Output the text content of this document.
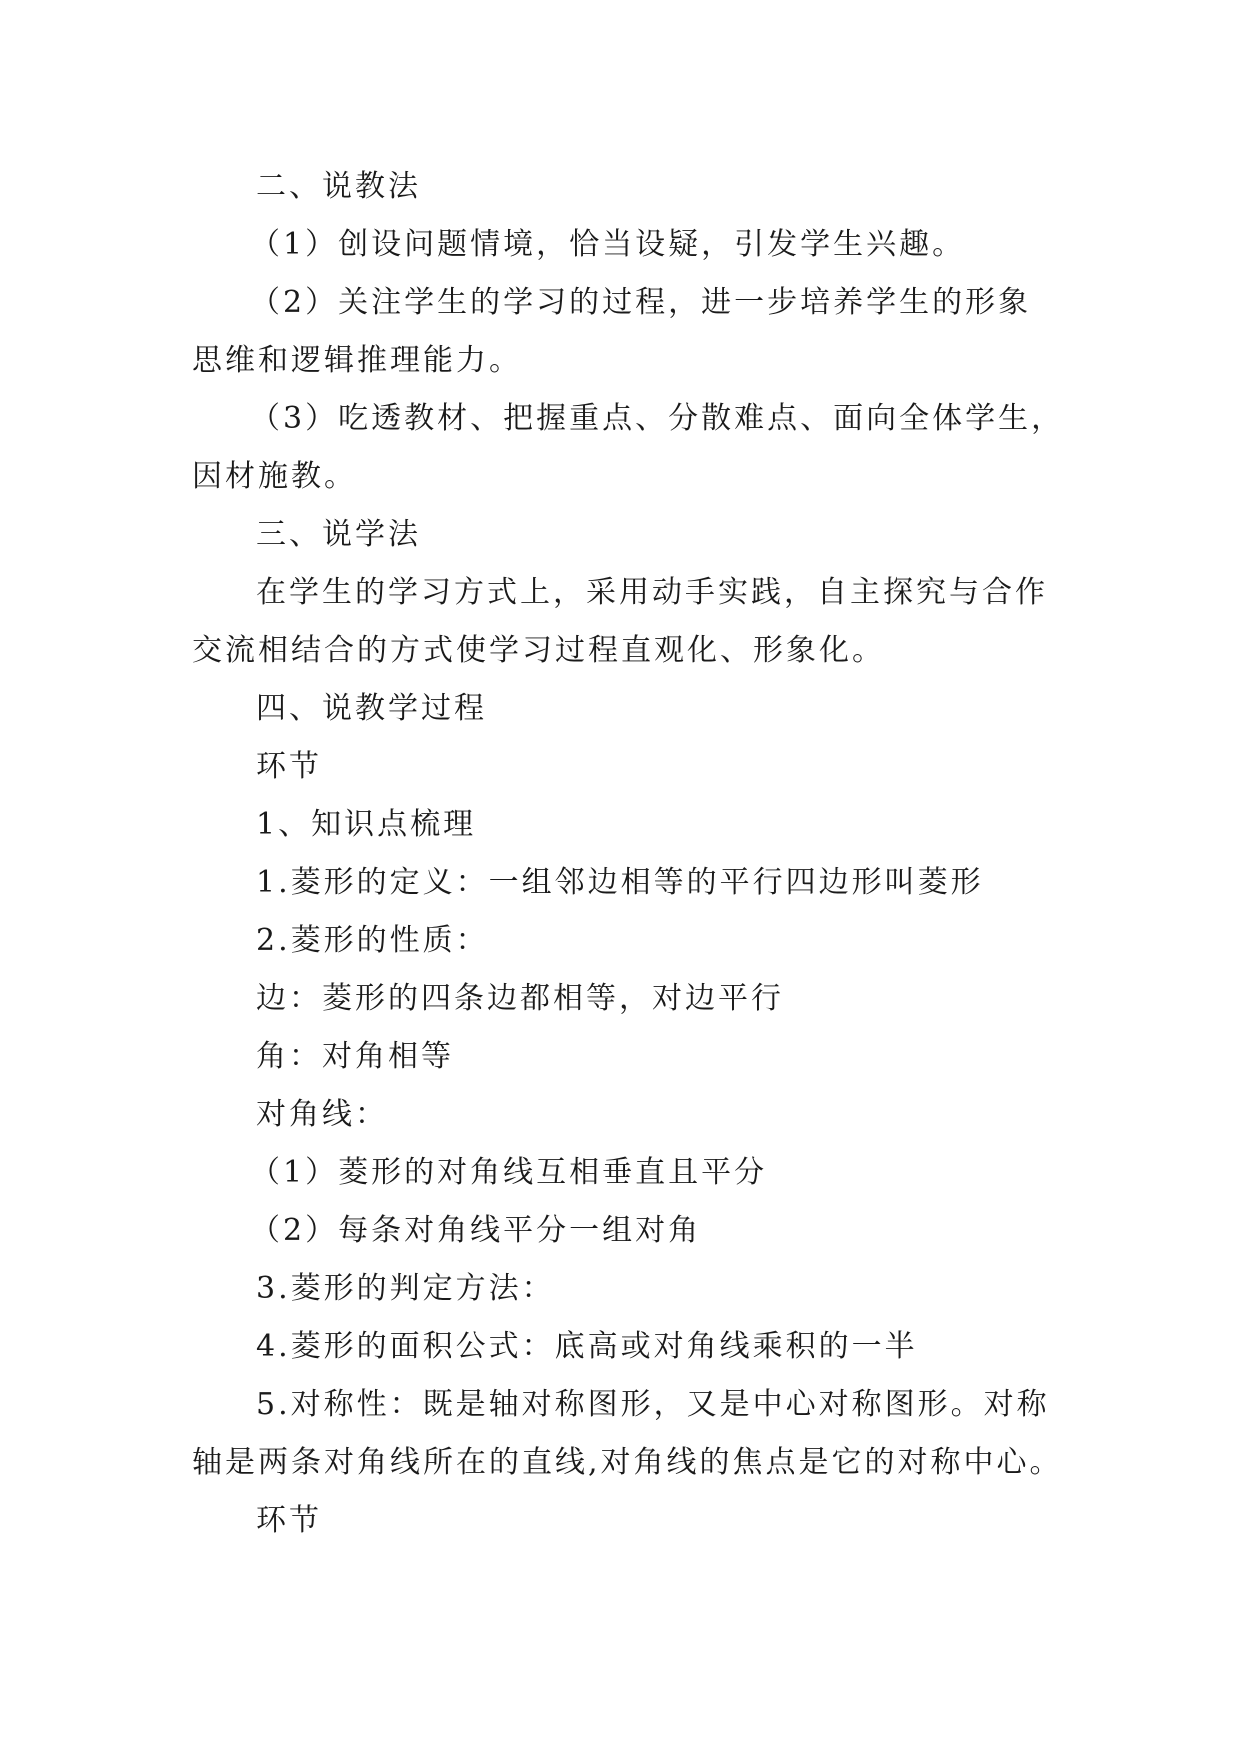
二、说教法
（1）创设问题情境，恰当设疑，引发学生兴趣。
（2）关注学生的学习的过程，进一步培养学生的形象
思维和逻辑推理能力。
（3）吃透教材、把握重点、分散难点、面向全体学生，
因材施教。
三、说学法
在学生的学习方式上，采用动手实践，自主探究与合作
交流相结合的方式使学习过程直观化、形象化。
四、说教学过程
环节
1、知识点梳理
1.菱形的定义：一组邻边相等的平行四边形叫菱形
2.菱形的性质：
边：菱形的四条边都相等，对边平行
角：对角相等
对角线：
（1）菱形的对角线互相垂直且平分
（2）每条对角线平分一组对角
3.菱形的判定方法：
4.菱形的面积公式：底高或对角线乘积的一半
5.对称性：既是轴对称图形，又是中心对称图形。对称
轴是两条对角线所在的直线,对角线的焦点是它的对称中心。
环节
